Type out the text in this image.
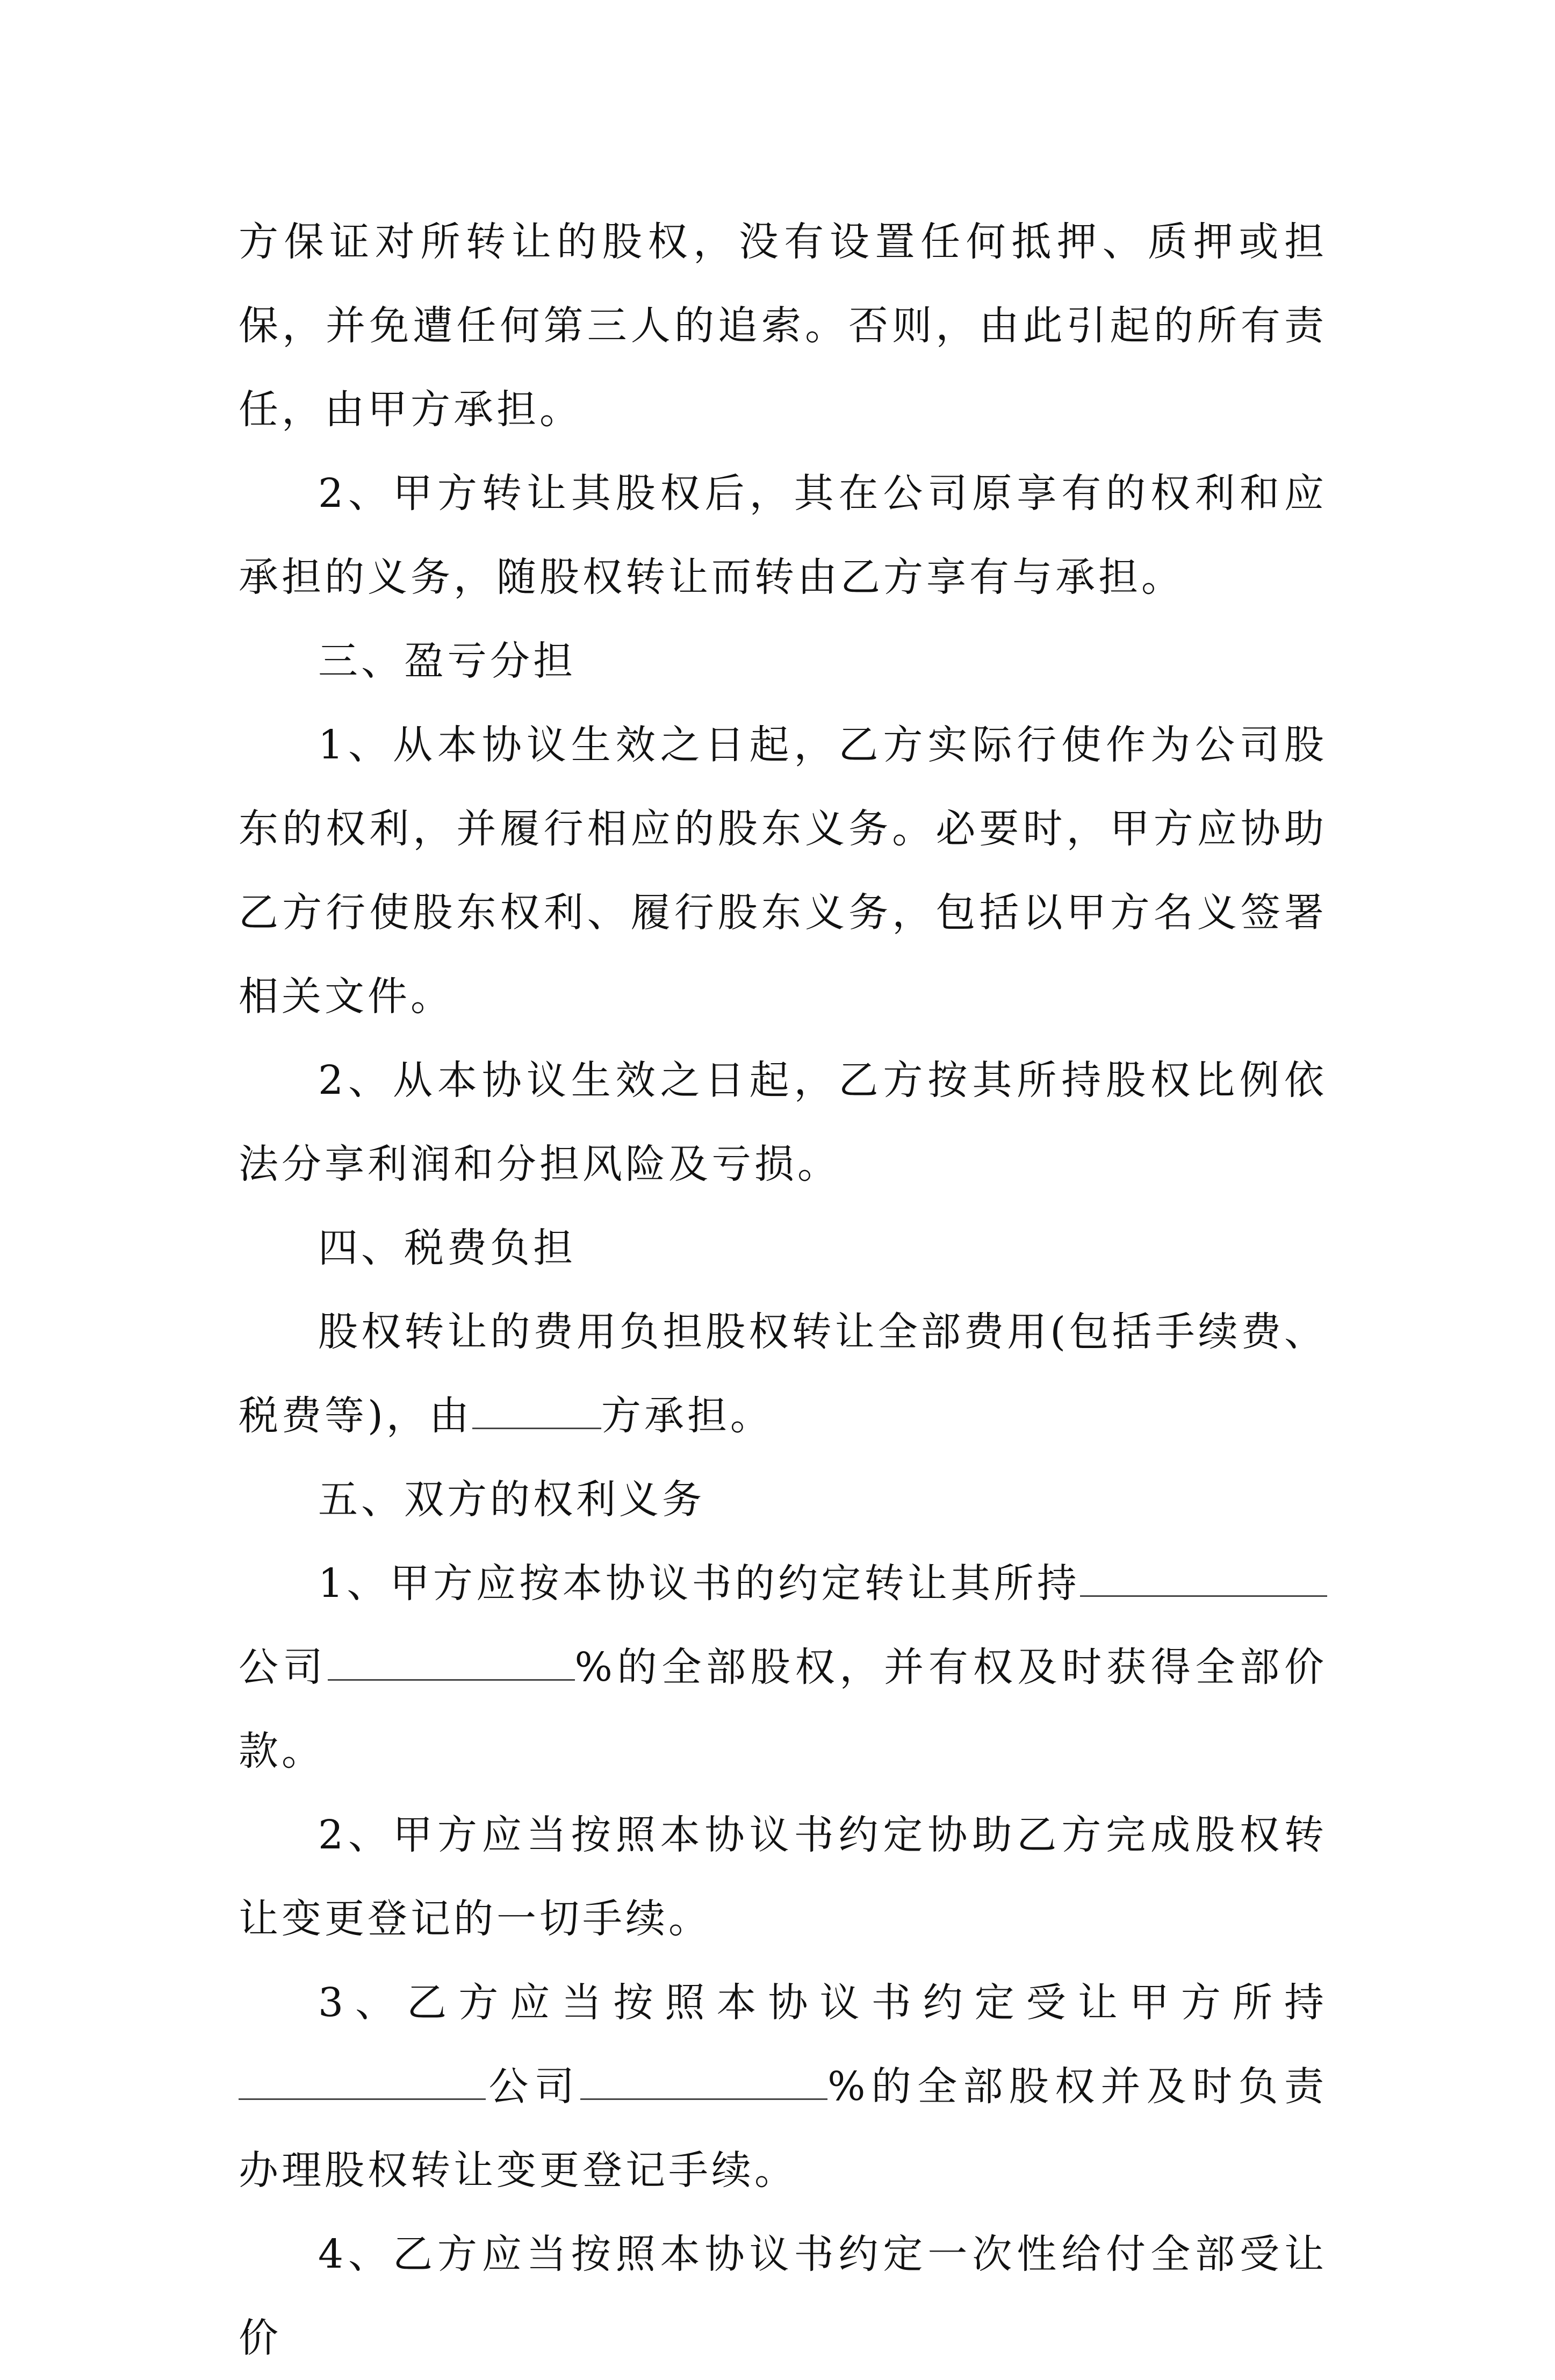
方保证对所转让的股权，没有设置任何抵押、质押或担保，并免遭任何第三人的追索。否则，由此引起的所有责任，由甲方承担。

2、甲方转让其股权后，其在公司原享有的权利和应承担的义务，随股权转让而转由乙方享有与承担。

三、盈亏分担

1、从本协议生效之日起，乙方实际行使作为公司股东的权利，并履行相应的股东义务。必要时，甲方应协助乙方行使股东权利、履行股东义务，包括以甲方名义签署相关文件。

2、从本协议生效之日起，乙方按其所持股权比例依法分享利润和分担风险及亏损。

四、税费负担

股权转让的费用负担股权转让全部费用(包括手续费、税费等)，由	方承担。

五、双方的权利义务

1、甲方应按本协议书的约定转让其所持公司	%的全部股权，并有权及时获得全部价款。

2、甲方应当按照本协议书约定协助乙方完成股权转让变更登记的一切手续。

3、乙方应当按照本协议书约定受让甲方所持公司	%的全部股权并及时负责办理股权转让变更登记手续。

4、乙方应当按照本协议书约定一次性给付全部受让价
